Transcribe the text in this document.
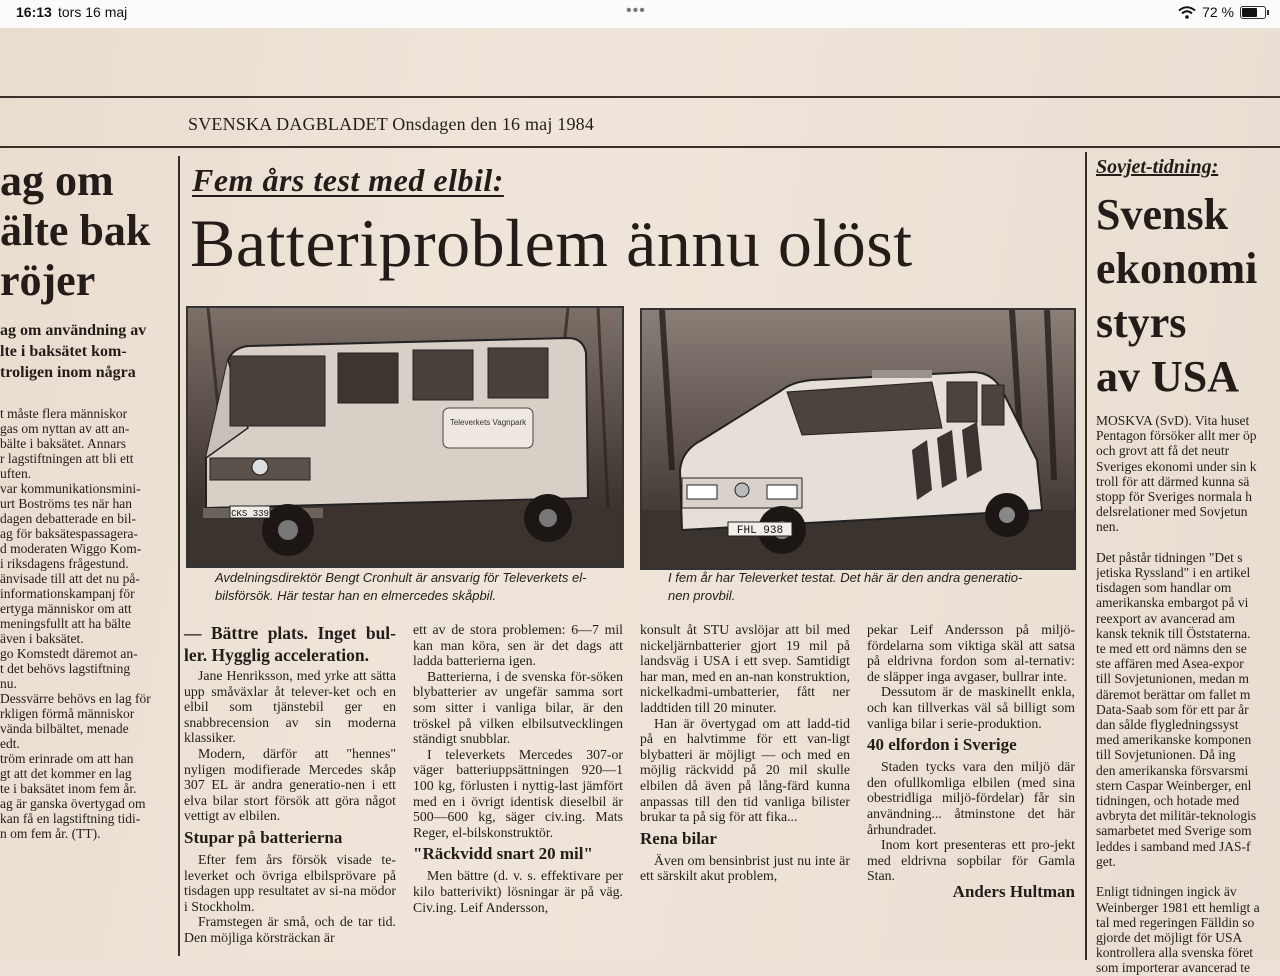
16:13 tors 16 maj	•••	72 %
SVENSKA DAGBLADET Onsdagen den 16 maj 1984
ag om
älte bak
röjer
ag om användning av
lte i baksätet kom-
troligen inom några
t måste flera människor
gas om nyttan av att an-
bälte i baksätet. Annars
r lagstiftningen att bli ett
uften.
var kommunikationsmini-
urt Boströms tes när han
dagen debatterade en bil-
ag för baksätespassagera-
d moderaten Wiggo Kom-
i riksdagens frågestund.
änvisade till att det nu på-
informationskampanj för
ertyga människor om att
meningsfullt att ha bälte
även i baksätet.
go Komstedt däremot an-
t det behövs lagstiftning
nu.
Dessvärre behövs en lag för
rkligen förmå människor
vända bilbältet, menade
edt.
tröm erinrade om att han
gt att det kommer en lag
te i baksätet inom fem år.
ag är ganska övertygad om
kan få en lagstiftning tidi-
n om fem år. (TT).
Fem års test med elbil:
Batteriproblem ännu olöst
Televerkets Vagnpark
CKS 339
Avdelningsdirektör Bengt Cronhult är ansvarig för Televerkets el-
bilsförsök. Här testar han en elmercedes skåpbil.
FHL 938
I fem år har Televerket testat. Det här är den andra generatio-
nen provbil.
— Bättre plats. Inget bul-ler. Hygglig acceleration.

Jane Henriksson, med yrke att sätta upp småväxlar åt telever-ket och en elbil som tjänstebil ger en snabbrecension av sin moderna klassiker.

Modern, därför att "hennes" nyligen modifierade Mercedes skåp 307 EL är andra generatio-nen i ett elva bilar stort försök att göra något vettigt av elbilen.

Stupar på batterierna

Efter fem års försök visade te-leverket och övriga elbilsprövare på tisdagen upp resultatet av si-na mödor i Stockholm.

Framstegen är små, och de tar tid. Den möjliga körsträckan är

ett av de stora problemen: 6—7 mil kan man köra, sen är det dags att ladda batterierna igen.

Batterierna, i de svenska för-söken blybatterier av ungefär samma sort som sitter i vanliga bilar, är den tröskel på vilken elbilsutvecklingen ständigt snubblar.

I televerkets Mercedes 307-or väger batteriuppsättningen 920—1 100 kg, förlusten i nyttig-last jämfört med en i övrigt identisk dieselbil är 500—600 kg, säger civ.ing. Mats Reger, el-bilskonstruktör.

"Räckvidd snart 20 mil"

Men bättre (d. v. s. effektivare per kilo batterivikt) lösningar är på väg. Civ.ing. Leif Andersson,

konsult åt STU avslöjar att bil med nickeljärnbatterier gjort 19 mil på landsväg i USA i ett svep. Samtidigt har man, med en an-nan konstruktion, nickelkadmi-umbatterier, fått ner laddtiden till 20 minuter.

Han är övertygad om att ladd-tid på en halvtimme för ett van-ligt blybatteri är möjligt — och med en möjlig räckvidd på 20 mil skulle elbilen då även på lång-färd kunna anpassas till den tid vanliga bilister brukar ta på sig för att fika...

Rena bilar

Även om bensinbrist just nu inte är ett särskilt akut problem,

pekar Leif Andersson på miljö-fördelarna som viktiga skäl att satsa på eldrivna fordon som al-ternativ: de släpper inga avgaser, bullrar inte.

Dessutom är de maskinellt enkla, och kan tillverkas väl så billigt som vanliga bilar i serie-produktion.

40 elfordon i Sverige

Staden tycks vara den miljö där den ofullkomliga elbilen (med sina obestridliga miljö-fördelar) får sin användning... åtminstone det här århundradet.

Inom kort presenteras ett pro-jekt med eldrivna sopbilar för Gamla Stan.

Anders Hultman
Sovjet-tidning:
Svensk
ekonomi
styrs
av USA
MOSKVA (SvD). Vita huset
Pentagon försöker allt mer öp
och grovt att få det neutr
Sveriges ekonomi under sin k
troll för att därmed kunna sä
stopp för Sveriges normala h
delsrelationer med Sovjetun
nen.

Det påstår tidningen "Det s
jetiska Ryssland" i en artikel
tisdagen som handlar om
amerikanska embargot på vi
reexport av avancerad am
kansk teknik till Öststaterna.
te med ett ord nämns den se
ste affären med Asea-expor
till Sovjetunionen, medan m
däremot berättar om fallet m
Data-Saab som för ett par år
dan sålde flygledningssyst
med amerikanske komponen
till Sovjetunionen. Då ing
den amerikanska försvarsmi
stern Caspar Weinberger, enl
tidningen, och hotade med
avbryta det militär-teknologis
samarbetet med Sverige som
leddes i samband med JAS-f
get.

Enligt tidningen ingick äv
Weinberger 1981 ett hemligt a
tal med regeringen Fälldin so
gjorde det möjligt för USA
kontrollera alla svenska föret
som importerar avancerad te
